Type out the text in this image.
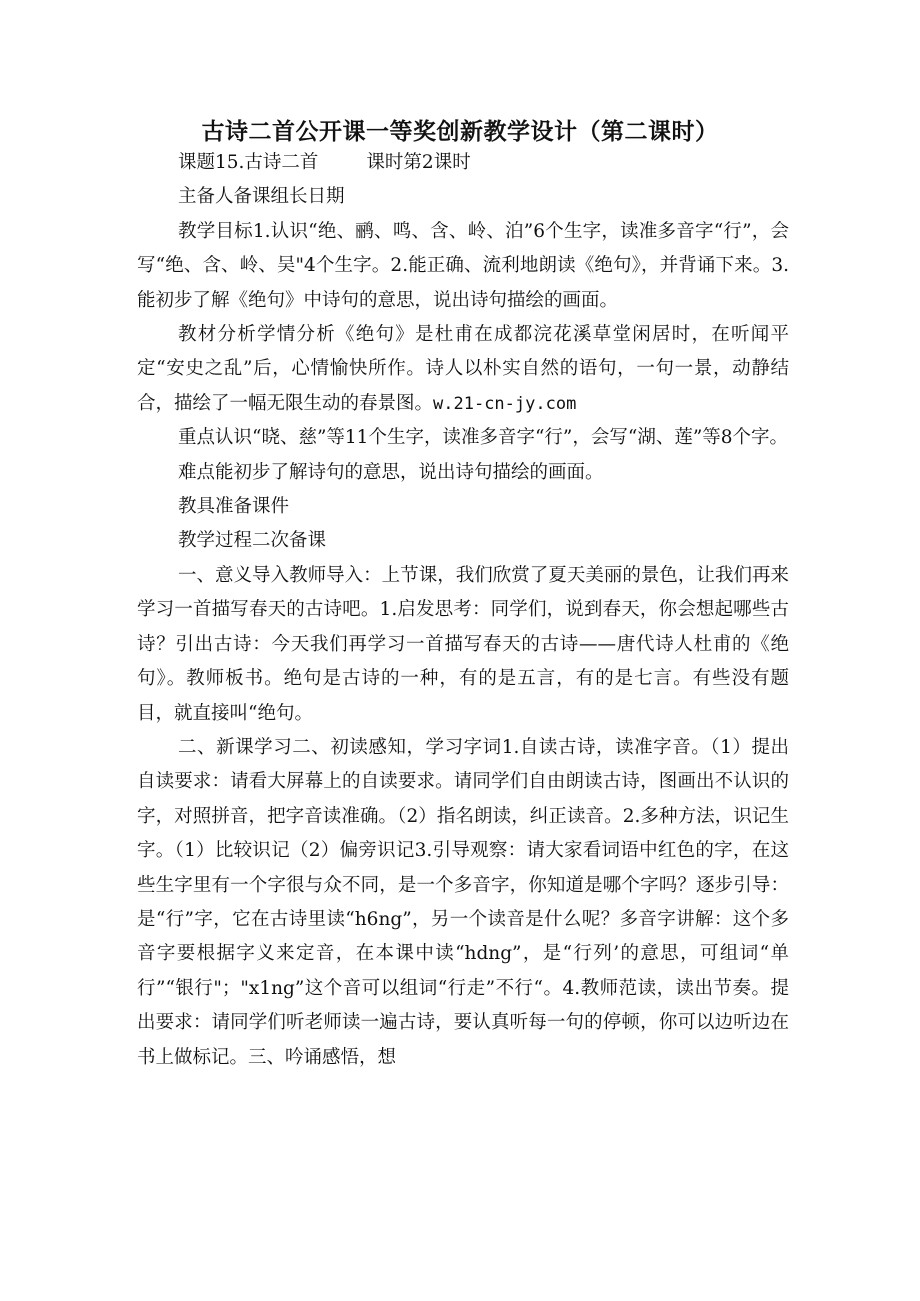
古诗二首公开课一等奖创新教学设计（第二课时）

课题15.古诗二首	课时第2课时

主备人备课组长日期

教学目标1.认识“绝、鹂、鸣、含、岭、泊”6个生字，读准多音字“行”，会写“绝、含、岭、吴"4个生字。2.能正确、流利地朗读《绝句》，并背诵下来。3.能初步了解《绝句》中诗句的意思，说出诗句描绘的画面。

教材分析学情分析《绝句》是杜甫在成都浣花溪草堂闲居时，在听闻平定“安史之乱”后，心情愉快所作。诗人以朴实自然的语句，一句一景，动静结合，描绘了一幅无限生动的春景图。w.21-cn-jy.com

重点认识“晓、慈”等11个生字，读准多音字“行”，会写“湖、莲”等8个字。

难点能初步了解诗句的意思，说出诗句描绘的画面。

教具准备课件

教学过程二次备课

一、意义导入教师导入：上节课，我们欣赏了夏天美丽的景色，让我们再来学习一首描写春天的古诗吧。1.启发思考：同学们，说到春天，你会想起哪些古诗？引出古诗：今天我们再学习一首描写春天的古诗——唐代诗人杜甫的《绝句》。教师板书。绝句是古诗的一种，有的是五言，有的是七言。有些没有题目，就直接叫“绝句。

二、新课学习二、初读感知，学习字词1.自读古诗，读准字音。（1）提出自读要求：请看大屏幕上的自读要求。请同学们自由朗读古诗，图画出不认识的字，对照拼音，把字音读准确。（2）指名朗读，纠正读音。2.多种方法，识记生字。（1）比较识记（2）偏旁识记3.引导观察：请大家看词语中红色的字，在这些生字里有一个字很与众不同，是一个多音字，你知道是哪个字吗？逐步引导：是“行”字，它在古诗里读“h6ng”，另一个读音是什么呢？多音字讲解：这个多音字要根据字义来定音，在本课中读“hdng”，是“行列’的意思，可组词“单行”“银行"；"x1ng”这个音可以组词“行走”不行“。4.教师范读，读出节奏。提出要求：请同学们听老师读一遍古诗，要认真听每一句的停顿，你可以边听边在书上做标记。三、吟诵感悟，想
